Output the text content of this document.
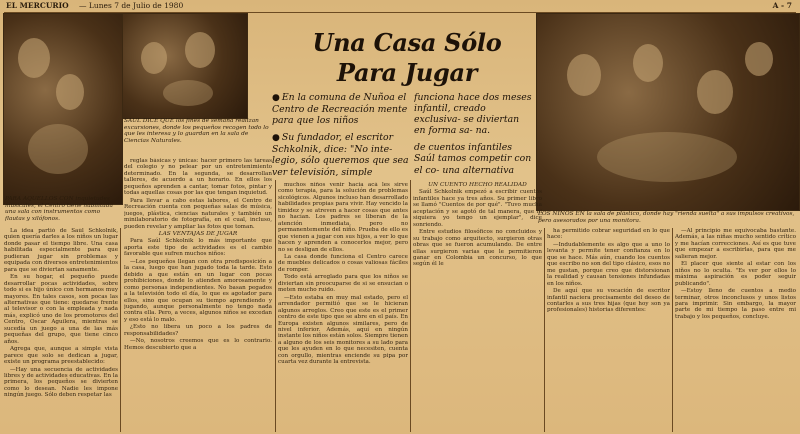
EL MERCURIO — Lunes 7 de Julio de 1980	A - 7
PARA AQUELLOS CON inquietudes musicales, el Centro tiene habilitada una sala con instrumentos como flautas y xilófonos.
SAUL DICE QUE los fines de semana realizan excursiones, donde los pequeños recogen todo lo que les interesa y lo guardan en la sala de Ciencias Naturales.
LOS NIÑOS EN la sala de plástico, donde hay "rienda suelta" a sus impulsos creativos, pero asesorados por una monitora.
Una Casa Sólo
Para Jugar
● En la comuna de Ñuñoa el Centro de Recreación mente para que los niños
● Su fundador, el escritor Schkolnik, dice: "No inte- legio, sólo queremos que sea ver televisión, simple
funciona hace dos meses infantil, creado exclusiva- se diviertan en forma sa- na.
de cuentos infantiles Saúl tamos competir con el co- una alternativa

La idea partió de Saúl Schkolnik, quien quería darles a los niños un lugar donde pasar el tiempo libre. Una casa habilitada especialmente para que pudieran jugar sin problemas y equipada con diversos entretenimientos para que se diviertan sanamente.

En su hogar, el pequeño puede desarrollar pocas actividades, sobre todo si es hijo único con hermanos muy mayores. En tales casos, son pocas las alternativas que tiene: quedarse frente al televisor o con la empleada y nada más, explicó uno de los promotores del Centro, Oscar Aguilera, mientras se sucedía un juego a una de las más pequeñas del grupo, que tiene cinco años.

Agrega que, aunque a simple vista parece que solo se dedican a jugar, existe un programa preestablecido:

—Hay una secuencia de actividades libres y de actividades educativas. En la primera, los pequeños se divierten como lo desean. Nadie les impone ningún juego. Sólo deben respetar las

reglas básicas y únicas: hacer primero las tareas del colegio y no pelear por un entretenimiento determinado. En la segunda, se desarrollan talleres, de acuerdo a un horario. En ellos los pequeños aprenden a cantar, tomar fotos, pintar y todas aquellas cosas por las que tengan inquietud.

Para llevar a cabo estas labores, el Centro de Recreación cuenta con pequeñas salas de música, juegos, plástica, ciencias naturales y también un minilaboratorio de fotografía, en el cual, incluso, pueden revelar y ampliar las fotos que toman.

LAS VENTAJAS DE JUGAR

Para Saúl Schkolnik lo más importante que aporta este tipo de actividades es el cambio favorable que sufren muchos niños:

—Los pequeños llegan con otra predisposición a la casa, luego que han jugado toda la tarde. Esto debido a que están en un lugar con pocas prohibiciones, donde lo atienden amorosamente y como personas independientes. No basan pegados a la televisión todo el día, lo que es agotador para ellos, sino que ocupan su tiempo aprendiendo y jugando, aunque personalmente no tengo nada contra ella. Pero, a veces, algunos niños se excedan y eso está lo malo.

¿Esto no libera un poco a los padres de responsabilidades?

—No, nosotros creemos que es lo contrario. Hemos descubierto que a

muchos niños venir hacia acá les sirve como terapia, para la solución de problemas sicológicos. Algunos incluso han desarrollado habilidades propias para vivir. Hay vencido la timidez y se atreven a hacer cosas que antes no hacían. Los padres se liberan de la atención inmediata, pero no permanentemente del niño. Prueba de ello es que vienen a jugar con sus hijos, a ver lo que hacen y aprenden a conocerlos mejor, pero no se desligan de ellos.

La casa donde funciona el Centro carece de muebles delicados o cosas valiosas fáciles de romper.

Todo está arreglado para que los niños se diviertan sin preocuparse de si se ensucian o meten mucho ruido.

—Esto estaba en muy mal estado, pero el arrendador permitió que se le hicieran algunos arreglos. Creo que este es el primer centro de este tipo que se abre en el país. En Europa existen algunos similares, pero de nivel inferior. Además, aquí en ningún instante los niños están solos. Siempre tienen a alguno de los seis monitores a su lado para que les ayuden en lo que necesiten, cuenta con orgullo, mientras enciende su pipa por cuarta vez durante la entrevista.

UN CUENTO HECHO REALIDAD

Saúl Schkolnik empezó a escribir cuentos infantiles hace ya tres años. Su primer libro se llamó "Cuentos de por qué". "Tuvo mucha aceptación y se agotó de tal manera, que ni siquiera yo tengo un ejemplar", dice sonriendo.

Entre estudios filosóficos no concluidos y su trabajo como arquitecto, surgieron otras obras que se fueron acumulando. De entre ellas surgieron varias que le permitieron ganar en Colombia un concurso, lo que según él le

ha permitido cobrar seguridad en lo que hace:

—Indudablemente es algo que a uno lo levanta y permite tener confianza en lo que se hace. Más aún, cuando los cuentos que escribo no son del tipo clásico, esos no me gustan, porque creo que distorsionan la realidad y causan tensiones infundadas en los niños.

De aquí que su vocación de escritor infantil naciera precisamente del deseo de contarles a sus tres hijas (que hoy son ya profesionales) historias diferentes:

—Al principio me equivocaba bastante. Además, a las niñas mucho sentido crítico y me hacían correcciones. Así es que tuve que empezar a escribirlas, para que me salieran mejor.

El placer que siente al estar con los niños no lo oculta. "Es ver por ellos lo máxima aspiración es poder seguir publicando".

—Estoy lleno de cuentos a medio terminar, otros inconclusos y unos listos para imprimir. Sin embargo, la mayor parte de mi tiempo la paso entre mi trabajo y los pequeños, concluye.
